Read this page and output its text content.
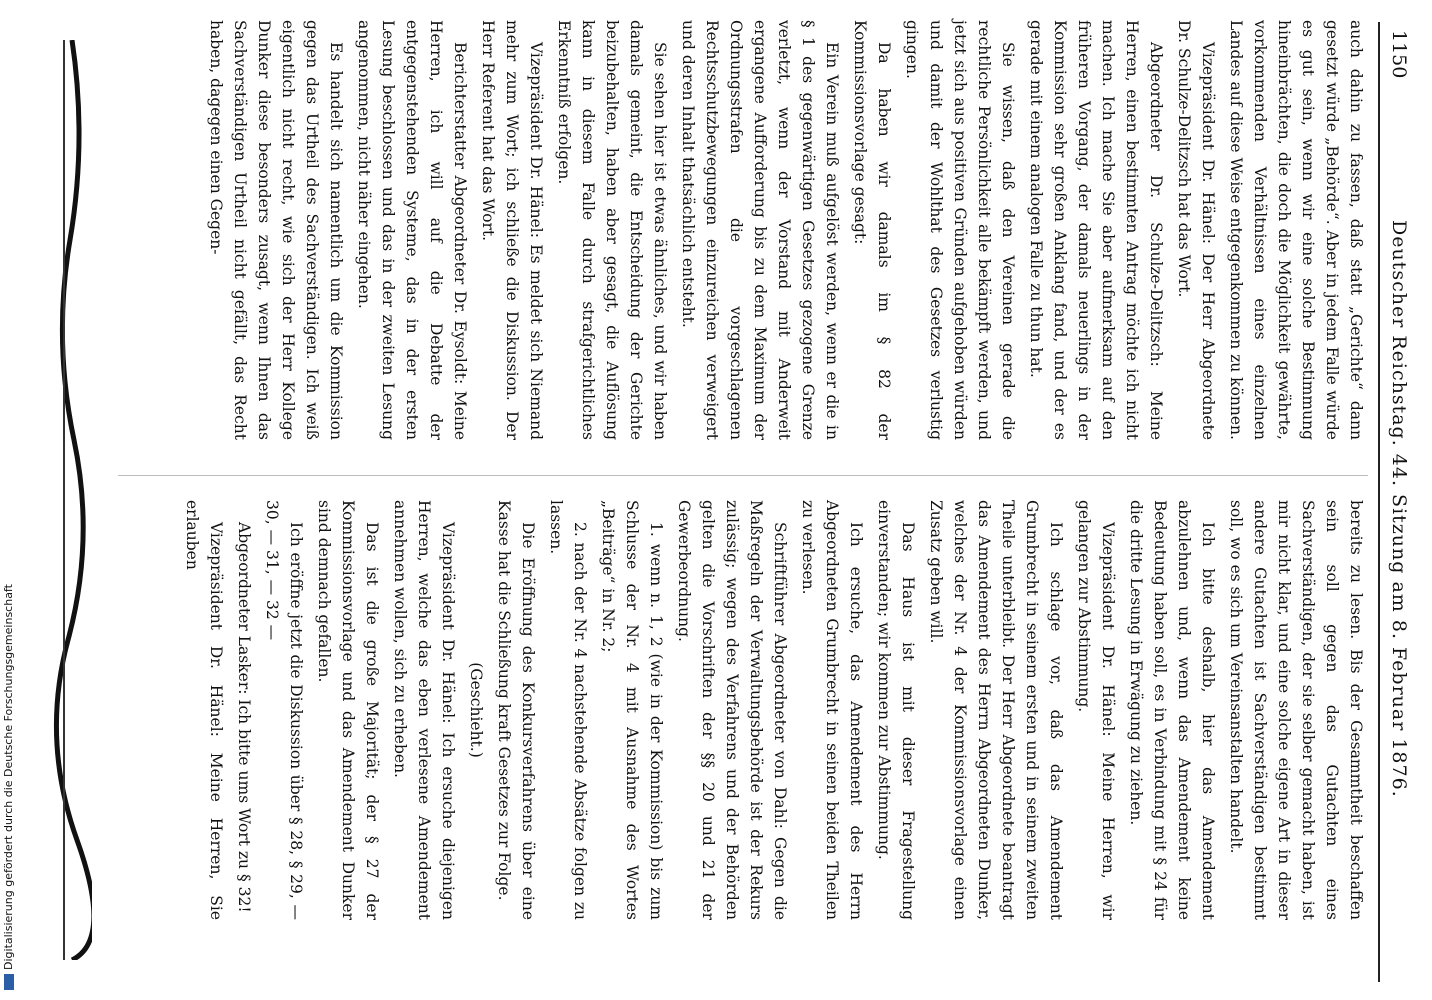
1150
Deutscher Reichstag. 44. Sitzung am 8. Februar 1876.

auch dahin zu fassen, daß statt „Gerichte“ dann gesetzt würde „Behörde“. Aber in jedem Falle würde es gut sein, wenn wir eine solche Bestimmung hineinbrächten, die doch die Möglichkeit gewährte, vorkommenden Verhältnissen eines einzelnen Landes auf diese Weise entgegenkommen zu können.

Vizepräsident Dr. Hänel: Der Herr Abgeordnete Dr. Schulze-Delitzsch hat das Wort.

Abgeordneter Dr. Schulze-Delitzsch: Meine Herren, einen bestimmten Antrag möchte ich nicht machen. Ich mache Sie aber aufmerksam auf den früheren Vorgang, der damals neuerlings in der Kommission sehr großen Anklang fand, und der es gerade mit einem analogen Falle zu thun hat.

Sie wissen, daß den Vereinen gerade die rechtliche Persönlichkeit alle bekämpft werden, und jetzt sich aus positiven Gründen aufgehoben würden und damit der Wohlthat des Gesetzes verlustig gingen.

Da haben wir damals im § 82 der Kommissionsvorlage gesagt:

Ein Verein muß aufgelöst werden, wenn er die in § 1 des gegenwärtigen Gesetzes gezogene Grenze verletzt, wenn der Vorstand mit Anderweit ergangene Aufforderung bis zu dem Maximum der Ordnungsstrafen die vorgeschlagenen Rechtsschutzbewegungen einzureichen verweigert und deren Inhalt thatsächlich entsteht.

Sie sehen hier ist etwas ähnliches, und wir haben damals gemeint, die Entscheidung der Gerichte beizubehalten, haben aber gesagt, die Auflösung kann in diesem Falle durch strafgerichtliches Erkenntniß erfolgen.

Vizepräsident Dr. Hänel: Es meldet sich Niemand mehr zum Wort; ich schließe die Diskussion. Der Herr Referent hat das Wort.

Berichterstatter Abgeordneter Dr. Eysoldt: Meine Herren, ich will auf die Debatte der entgegenstehenden Systeme, das in der ersten Lesung beschlossen und das in der zweiten Lesung angenommen, nicht näher eingehen.

Es handelt sich namentlich um die Kommission gegen das Urtheil des Sachverständigen. Ich weiß eigentlich nicht recht, wie sich der Herr Kollege Dunker diese besonders zusagt, wenn Ihnen das Sachverständigen Urtheil nicht gefällt, das Recht haben, dagegen einen Gegen-

bereits zu lesen. Bis der Gesammtheit beschaffen sein soll gegen das Gutachten eines Sachverständigen, der sie selber gemacht haben, ist mir nicht klar, und eine solche eigene Art in dieser andere Gutachten ist Sachverständigen bestimmt soll, wo es sich um Vereinsanstalten handelt.

Ich bitte deshalb, hier das Amendement abzulehnen und, wenn das Amendement keine Bedeutung haben soll, es in Verbindung mit § 24 für die dritte Lesung in Erwägung zu ziehen.

Vizepräsident Dr. Hänel: Meine Herren, wir gelangen zur Abstimmung.

Ich schlage vor, daß das Amendement Grumbrecht in seinem ersten und in seinem zweiten Theile unterbleibt. Der Herr Abgeordnete beantragt das Amendement des Herrn Abgeordneten Dunker, welches der Nr. 4 der Kommissionsvorlage einen Zusatz geben will.

Das Haus ist mit dieser Fragestellung einverstanden; wir kommen zur Abstimmung.

Ich ersuche, das Amendement des Herrn Abgeordneten Grumbrecht in seinen beiden Theilen zu verlesen.

Schriftführer Abgeordneter von Dahl: Gegen die Maßregeln der Verwaltungsbehörde ist der Rekurs zulässig; wegen des Verfahrens und der Behörden gelten die Vorschriften der §§ 20 und 21 der Gewerbeordnung.

1. wenn n. 1, 2 (wie in der Kommission) bis zum Schlusse der Nr. 4 mit Ausnahme des Wortes „Beiträge“ in Nr. 2;

2. nach der Nr. 4 nachstehende Absätze folgen zu lassen.

Die Eröffnung des Konkursverfahrens über eine Kasse hat die Schließung kraft Gesetzes zur Folge.

(Geschieht.)

Vizepräsident Dr. Hänel: Ich ersuche diejenigen Herren, welche das eben verlesene Amendement annehmen wollen, sich zu erheben.

Das ist die große Majorität; der § 27 der Kommissionsvorlage und das Amendement Dunker sind demnach gefallen.

Ich eröffne jetzt die Diskussion über § 28, § 29, — 30, — 31, — 32 —

Abgeordneter Lasker: Ich bitte ums Wort zu § 32!

Vizepräsident Dr. Hänel: Meine Herren, Sie erlauben

Digitalisierung gefördert durch die Deutsche Forschungsgemeinschaft
